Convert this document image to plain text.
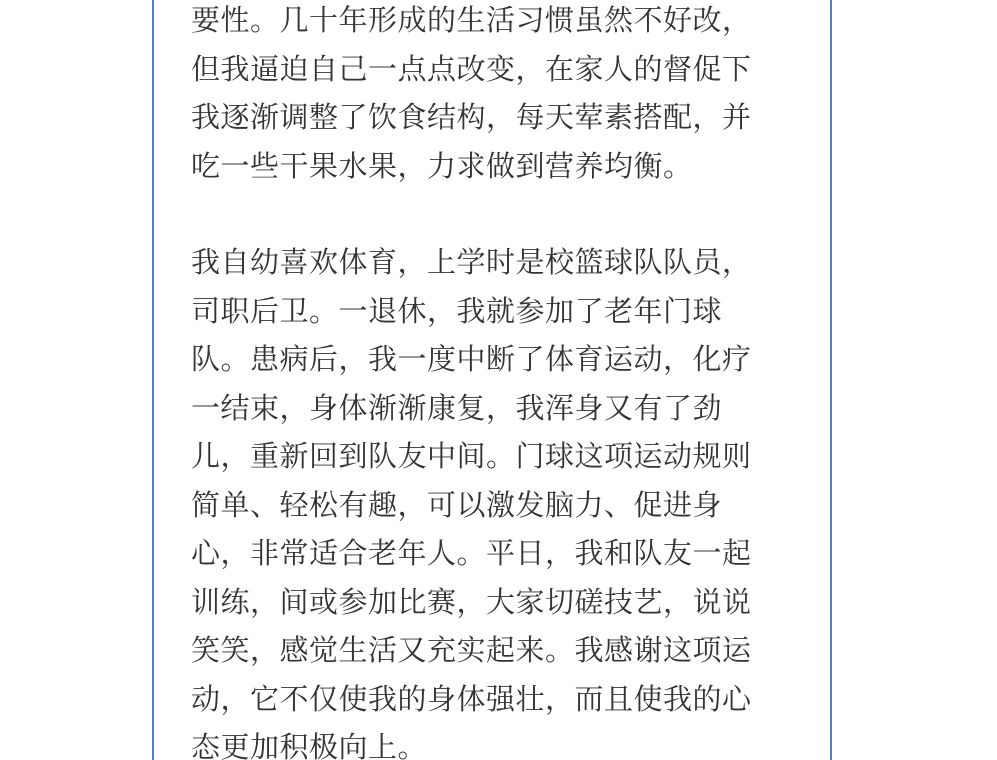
要性。几十年形成的生活习惯虽然不好改，
但我逼迫自己一点点改变，在家人的督促下
我逐渐调整了饮食结构，每天荤素搭配，并
吃一些干果水果，力求做到营养均衡。
我自幼喜欢体育，上学时是校篮球队队员，
司职后卫。一退休，我就参加了老年门球
队。患病后，我一度中断了体育运动，化疗
一结束，身体渐渐康复，我浑身又有了劲
儿，重新回到队友中间。门球这项运动规则
简单、轻松有趣，可以激发脑力、促进身
心，非常适合老年人。平日，我和队友一起
训练，间或参加比赛，大家切磋技艺，说说
笑笑，感觉生活又充实起来。我感谢这项运
动，它不仅使我的身体强壮，而且使我的心
态更加积极向上。
